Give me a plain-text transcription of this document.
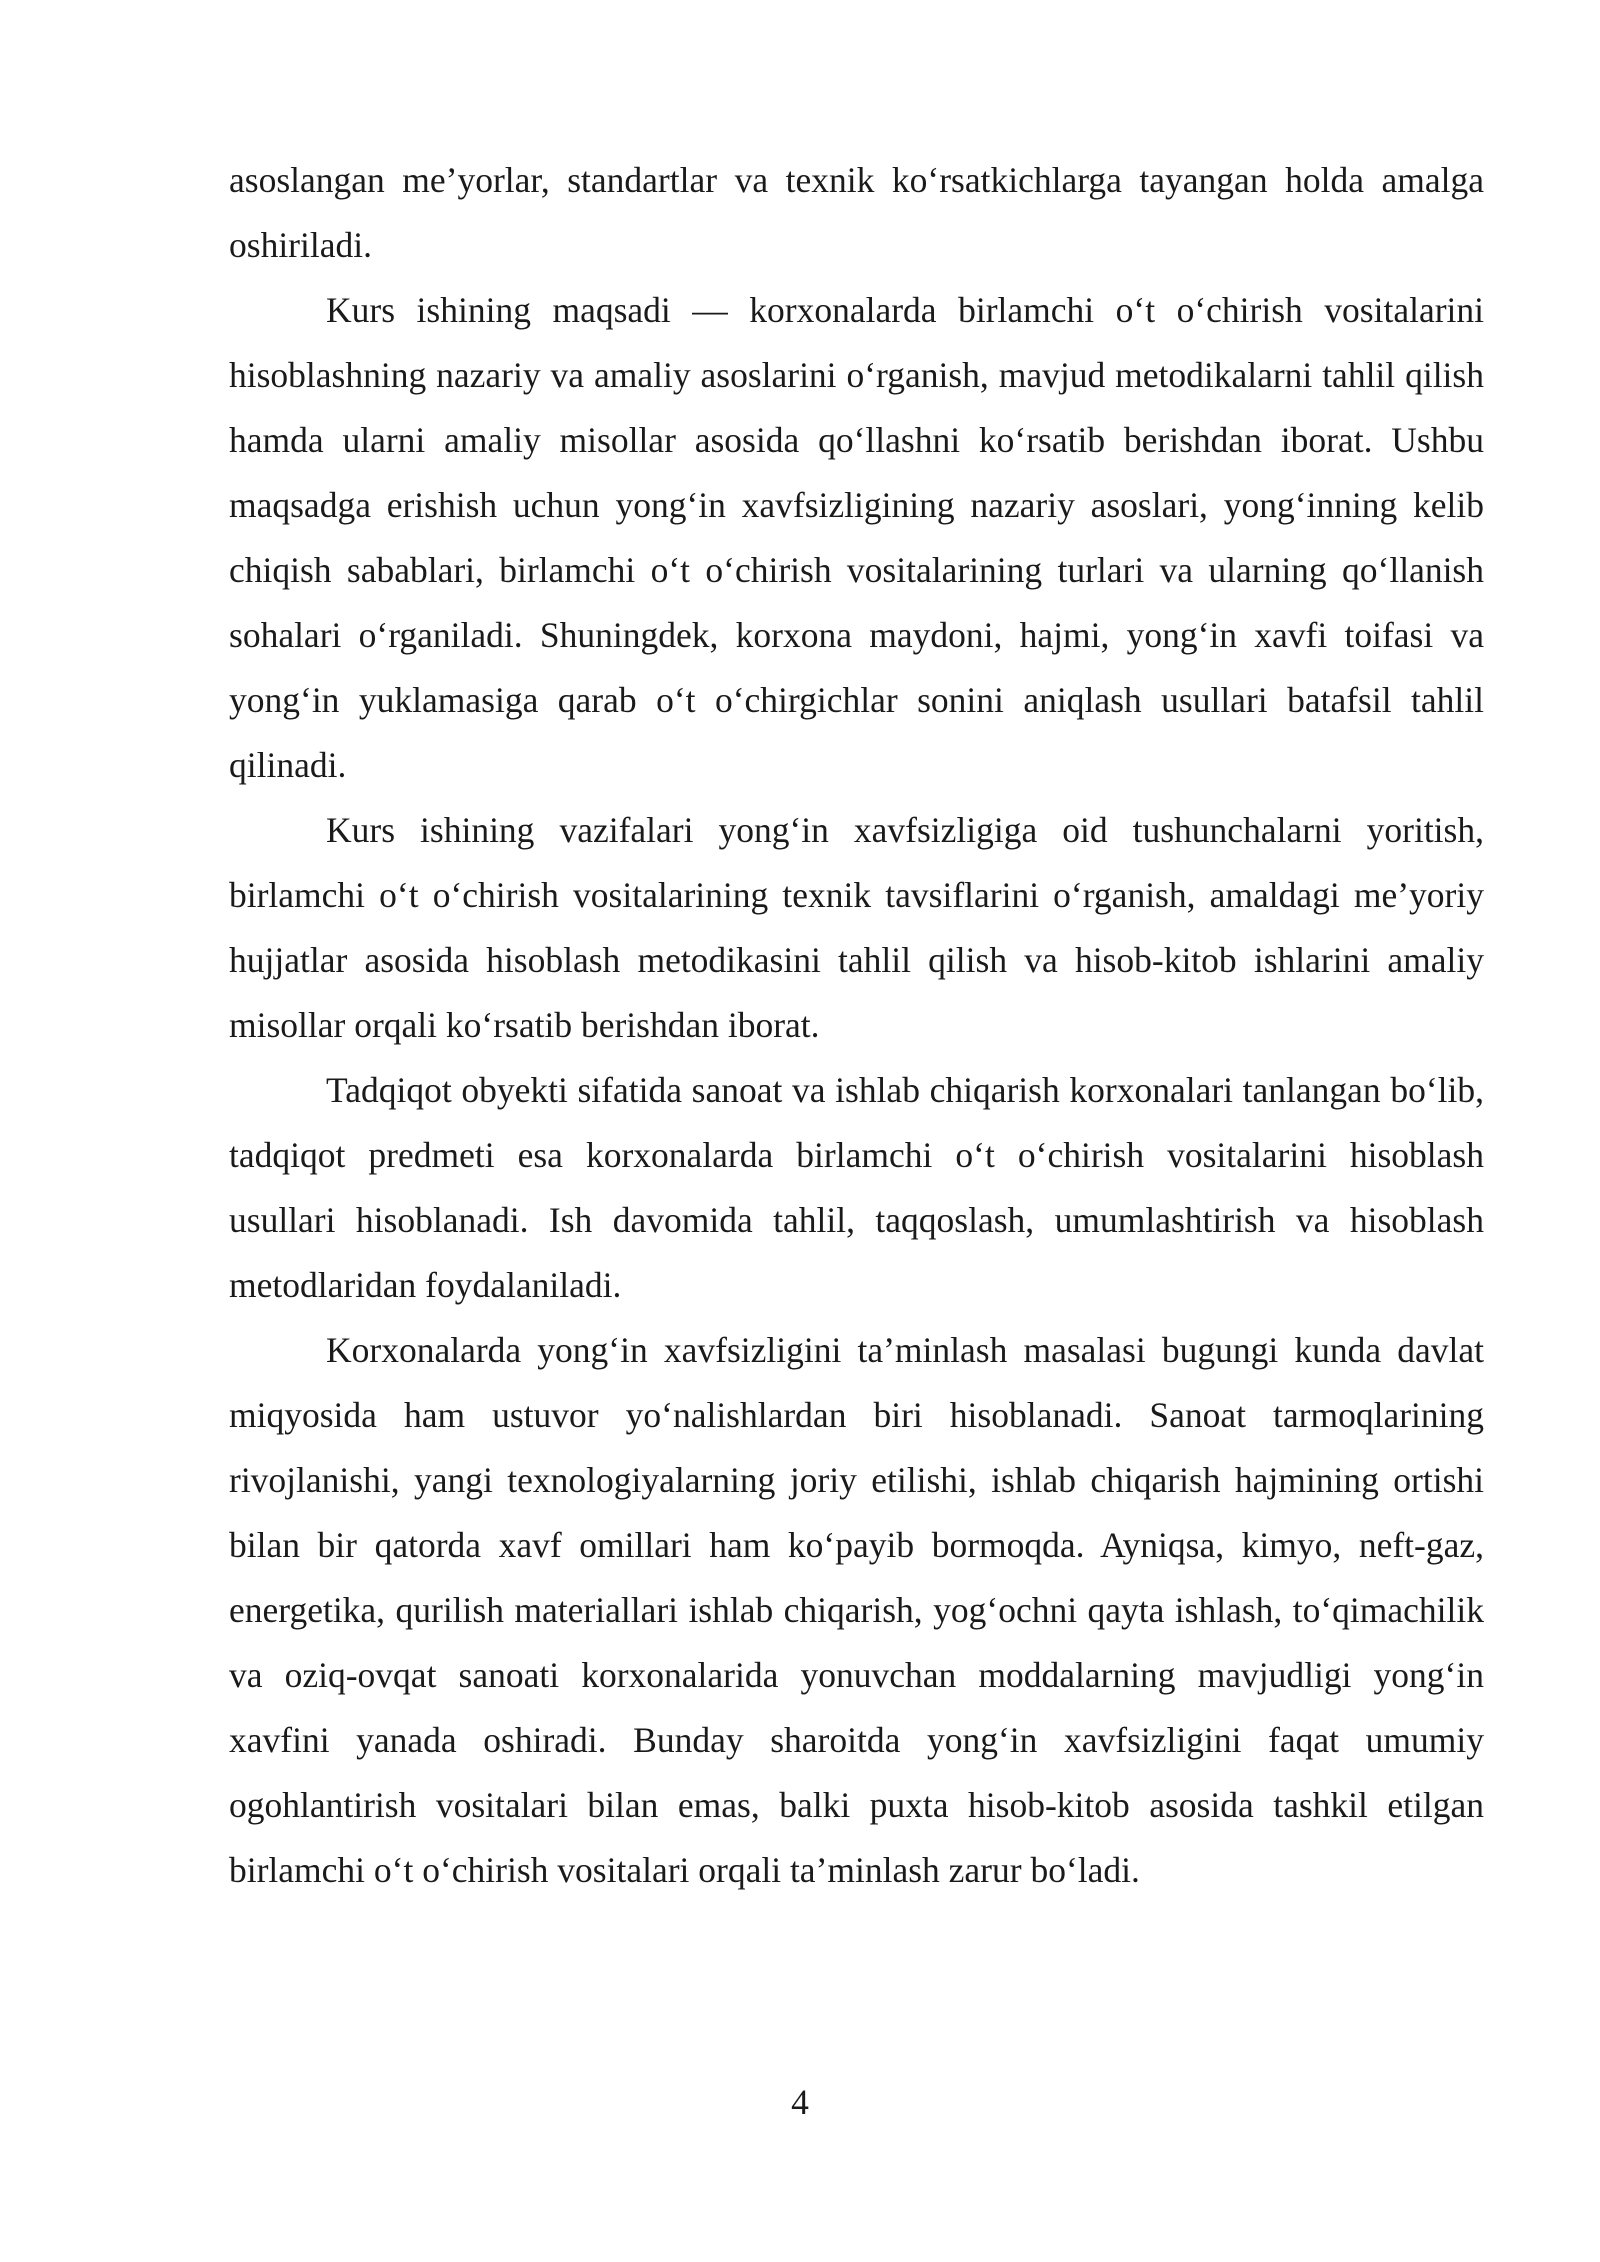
asoslangan me’yorlar, standartlar va texnik ko‘rsatkichlarga tayangan holda amalga oshiriladi.

Kurs ishining maqsadi — korxonalarda birlamchi o‘t o‘chirish vositalarini hisoblashning nazariy va amaliy asoslarini o‘rganish, mavjud metodikalarni tahlil qilish hamda ularni amaliy misollar asosida qo‘llashni ko‘rsatib berishdan iborat. Ushbu maqsadga erishish uchun yong‘in xavfsizligining nazariy asoslari, yong‘inning kelib chiqish sabablari, birlamchi o‘t o‘chirish vositalarining turlari va ularning qo‘llanish sohalari o‘rganiladi. Shuningdek, korxona maydoni, hajmi, yong‘in xavfi toifasi va yong‘in yuklamasiga qarab o‘t o‘chirgichlar sonini aniqlash usullari batafsil tahlil qilinadi.

Kurs ishining vazifalari yong‘in xavfsizligiga oid tushunchalarni yoritish, birlamchi o‘t o‘chirish vositalarining texnik tavsiflarini o‘rganish, amaldagi me’yoriy hujjatlar asosida hisoblash metodikasini tahlil qilish va hisob-kitob ishlarini amaliy misollar orqali ko‘rsatib berishdan iborat.

Tadqiqot obyekti sifatida sanoat va ishlab chiqarish korxonalari tanlangan bo‘lib, tadqiqot predmeti esa korxonalarda birlamchi o‘t o‘chirish vositalarini hisoblash usullari hisoblanadi. Ish davomida tahlil, taqqoslash, umumlashtirish va hisoblash metodlaridan foydalaniladi.

Korxonalarda yong‘in xavfsizligini ta’minlash masalasi bugungi kunda davlat miqyosida ham ustuvor yo‘nalishlardan biri hisoblanadi. Sanoat tarmoqlarining rivojlanishi, yangi texnologiyalarning joriy etilishi, ishlab chiqarish hajmining ortishi bilan bir qatorda xavf omillari ham ko‘payib bormoqda. Ayniqsa, kimyo, neft-gaz, energetika, qurilish materiallari ishlab chiqarish, yog‘ochni qayta ishlash, to‘qimachilik va oziq-ovqat sanoati korxonalarida yonuvchan moddalarning mavjudligi yong‘in xavfini yanada oshiradi. Bunday sharoitda yong‘in xavfsizligini faqat umumiy ogohlantirish vositalari bilan emas, balki puxta hisob-kitob asosida tashkil etilgan birlamchi o‘t o‘chirish vositalari orqali ta’minlash zarur bo‘ladi.

4
